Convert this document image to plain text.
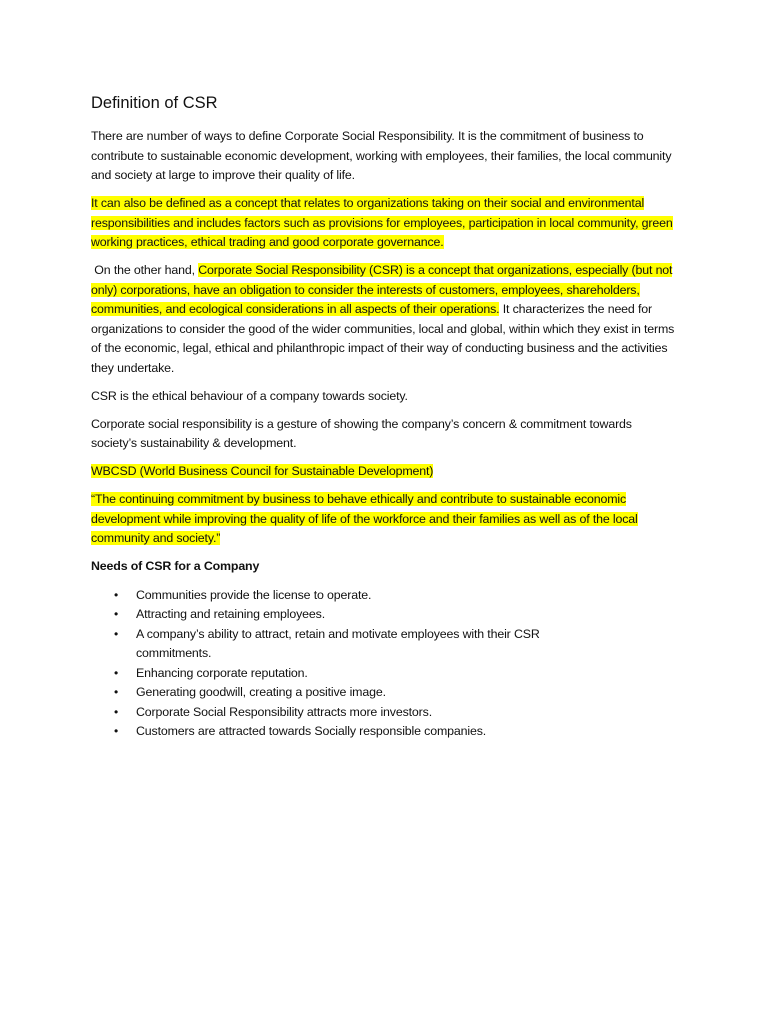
Definition of CSR

There are number of ways to define Corporate Social Responsibility. It is the commitment of business to contribute to sustainable economic development, working with employees, their families, the local community and society at large to improve their quality of life.

It can also be defined as a concept that relates to organizations taking on their social and environmental responsibilities and includes factors such as provisions for employees, participation in local community, green working practices, ethical trading and good corporate governance.

On the other hand, Corporate Social Responsibility (CSR) is a concept that organizations, especially (but not only) corporations, have an obligation to consider the interests of customers, employees, shareholders, communities, and ecological considerations in all aspects of their operations. It characterizes the need for organizations to consider the good of the wider communities, local and global, within which they exist in terms of the economic, legal, ethical and philanthropic impact of their way of conducting business and the activities they undertake.

CSR is the ethical behaviour of a company towards society.

Corporate social responsibility is a gesture of showing the company’s concern & commitment towards society’s sustainability & development.

WBCSD (World Business Council for Sustainable Development)

“The continuing commitment by business to behave ethically and contribute to sustainable economic development while improving the quality of life of the workforce and their families as well as of the local community and society.”

Needs of CSR for a Company

• Communities provide the license to operate.
• Attracting and retaining employees.
• A company’s ability to attract, retain and motivate employees with their CSR commitments.
• Enhancing corporate reputation.
• Generating goodwill, creating a positive image.
• Corporate Social Responsibility attracts more investors.
• Customers are attracted towards Socially responsible companies.
